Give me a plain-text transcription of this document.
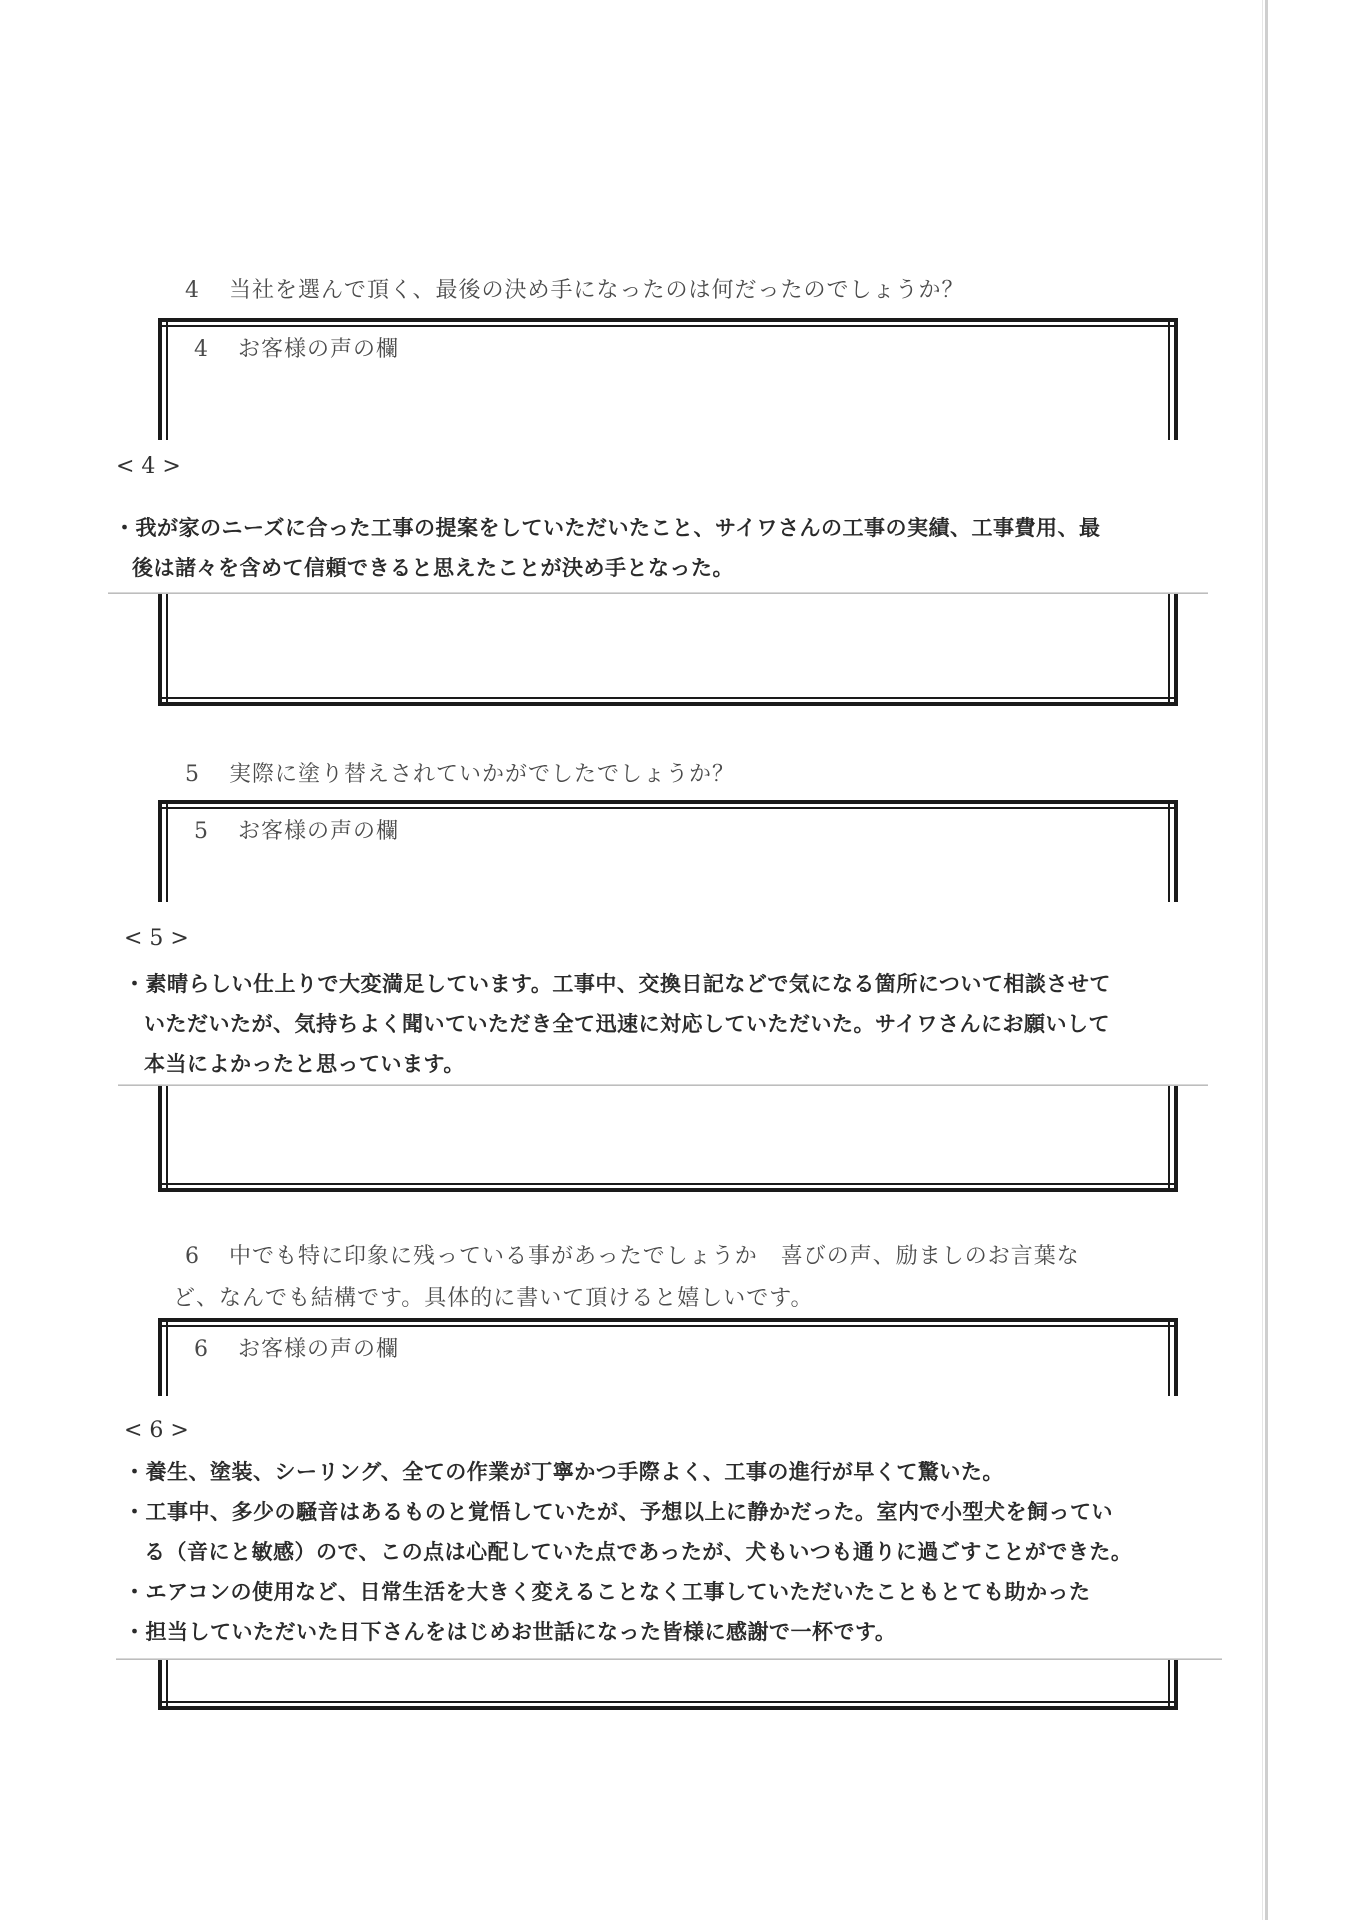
4 当社を選んで頂く、最後の決め手になったのは何だったのでしょうか？
4 お客様の声の欄
< 4 >
・我が家のニーズに合った工事の提案をしていただいたこと、サイワさんの工事の実績、工事費用、最
後は諸々を含めて信頼できると思えたことが決め手となった。
5 実際に塗り替えされていかがでしたでしょうか？
5 お客様の声の欄
< 5 >
・素晴らしい仕上りで大変満足しています。工事中、交換日記などで気になる箇所について相談させて
いただいたが、気持ちよく聞いていただき全て迅速に対応していただいた。サイワさんにお願いして
本当によかったと思っています。
6 中でも特に印象に残っている事があったでしょうか　喜びの声、励ましのお言葉な
ど、なんでも結構です。具体的に書いて頂けると嬉しいです。
6 お客様の声の欄
< 6 >
・養生、塗装、シーリング、全ての作業が丁寧かつ手際よく、工事の進行が早くて驚いた。
・工事中、多少の騒音はあるものと覚悟していたが、予想以上に静かだった。室内で小型犬を飼ってい
る（音にと敏感）ので、この点は心配していた点であったが、犬もいつも通りに過ごすことができた。
・エアコンの使用など、日常生活を大きく変えることなく工事していただいたこともとても助かった
・担当していただいた日下さんをはじめお世話になった皆様に感謝で一杯です。
